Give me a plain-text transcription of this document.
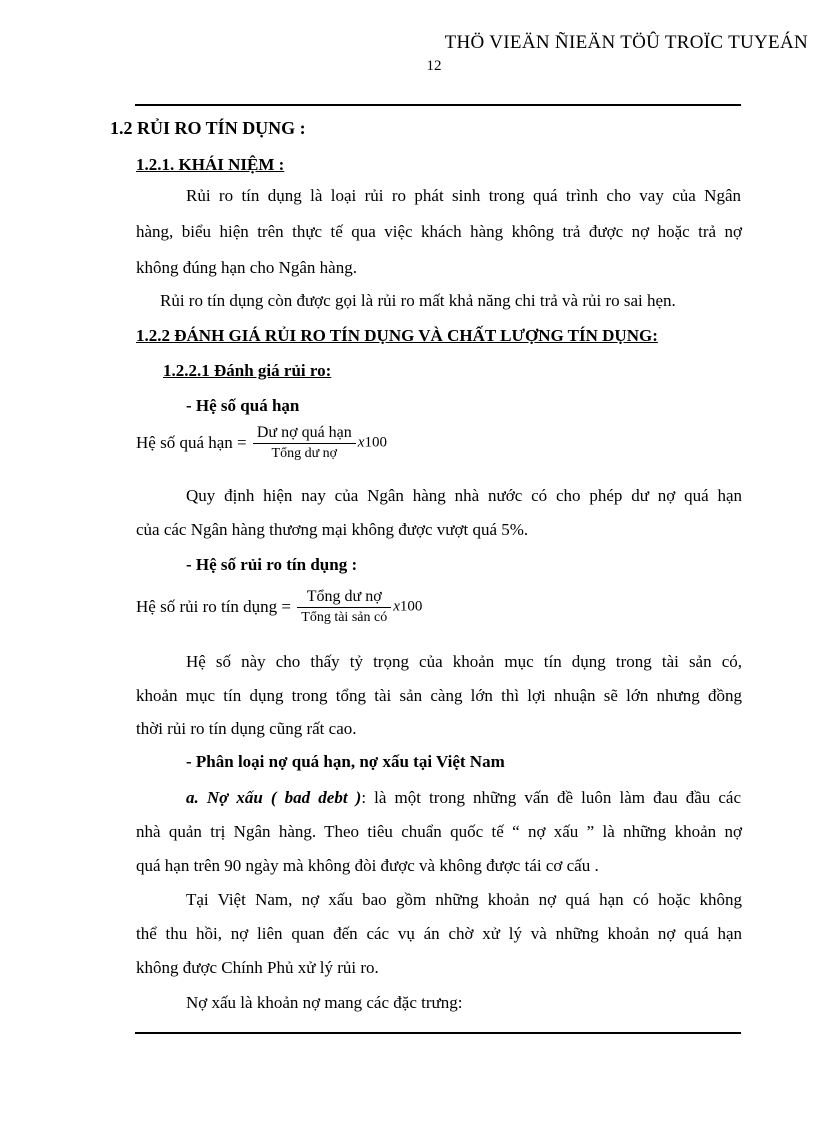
THÖ VIEÄN ÑIEÄN TÖÛ TROÏC TUYEÁN
12
1.2 RỦI RO TÍN DỤNG :
1.2.1. KHÁI NIỆM :
Rủi ro tín dụng là loại rủi ro phát sinh trong quá trình cho vay của Ngân
hàng, biểu hiện trên thực tế qua việc khách hàng không trả được nợ hoặc trả nợ
không đúng hạn cho Ngân hàng.
Rủi ro tín dụng còn được gọi là rủi ro mất khả năng chi trả và rủi ro sai hẹn.
1.2.2 ĐÁNH GIÁ RỦI RO TÍN DỤNG VÀ CHẤT LƯỢNG TÍN DỤNG:
1.2.2.1 Đánh giá rủi ro:
- Hệ số quá hạn
Hệ số quá hạn = $\frac{\text{Dư nợ quá hạn}}{\text{Tổng dư nợ}} x100$
Quy định hiện nay của Ngân hàng nhà nước có cho phép dư nợ quá hạn
của các Ngân hàng thương mại không được vượt quá 5%.
- Hệ số rủi ro tín dụng :
Hệ số rủi ro tín dụng = $\frac{\text{Tổng dư nợ}}{\text{Tổng tài sản có}} x100$
Hệ số này cho thấy tỷ trọng của khoản mục tín dụng trong tài sản có,
khoản mục tín dụng trong tổng tài sản càng lớn thì lợi nhuận sẽ lớn nhưng đồng
thời rủi ro tín dụng cũng rất cao.
- Phân loại nợ quá hạn, nợ xấu tại Việt Nam
a. Nợ xấu ( bad debt ): là một trong những vấn đề luôn làm đau đầu các
nhà quản trị Ngân hàng. Theo tiêu chuẩn quốc tế “ nợ xấu ” là những khoản nợ
quá hạn trên 90 ngày mà không đòi được và không được tái cơ cấu .
Tại Việt Nam, nợ xấu bao gồm những khoản nợ quá hạn có hoặc không
thể thu hồi, nợ liên quan đến các vụ án chờ xử lý và những khoản nợ quá hạn
không được Chính Phủ xử lý rủi ro.
Nợ xấu là khoản nợ mang các đặc trưng:
